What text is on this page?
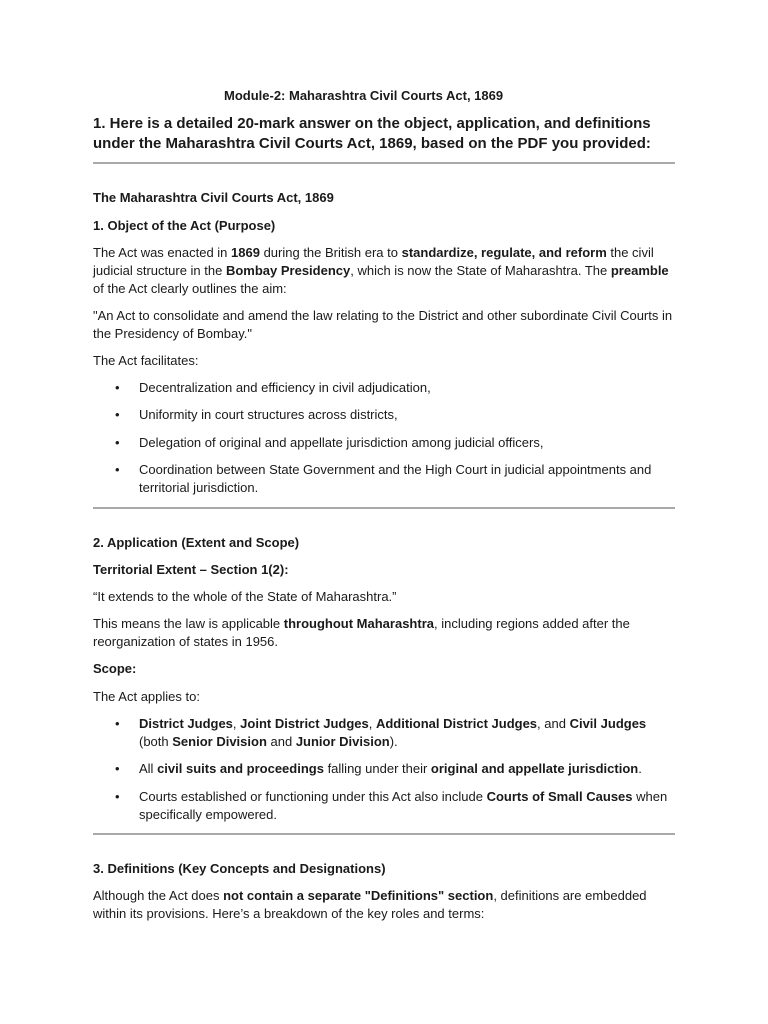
Module-2: Maharashtra Civil Courts Act, 1869

1. Here is a detailed 20-mark answer on the object, application, and definitions under the Maharashtra Civil Courts Act, 1869, based on the PDF you provided:

The Maharashtra Civil Courts Act, 1869

1. Object of the Act (Purpose)

The Act was enacted in 1869 during the British era to standardize, regulate, and reform the civil judicial structure in the Bombay Presidency, which is now the State of Maharashtra. The preamble of the Act clearly outlines the aim:

"An Act to consolidate and amend the law relating to the District and other subordinate Civil Courts in the Presidency of Bombay."

The Act facilitates:

• Decentralization and efficiency in civil adjudication,
• Uniformity in court structures across districts,
• Delegation of original and appellate jurisdiction among judicial officers,
• Coordination between State Government and the High Court in judicial appointments and territorial jurisdiction.

2. Application (Extent and Scope)

Territorial Extent – Section 1(2):

“It extends to the whole of the State of Maharashtra.”

This means the law is applicable throughout Maharashtra, including regions added after the reorganization of states in 1956.

Scope:

The Act applies to:

• District Judges, Joint District Judges, Additional District Judges, and Civil Judges (both Senior Division and Junior Division).
• All civil suits and proceedings falling under their original and appellate jurisdiction.
• Courts established or functioning under this Act also include Courts of Small Causes when specifically empowered.

3. Definitions (Key Concepts and Designations)

Although the Act does not contain a separate "Definitions" section, definitions are embedded within its provisions. Here’s a breakdown of the key roles and terms:
